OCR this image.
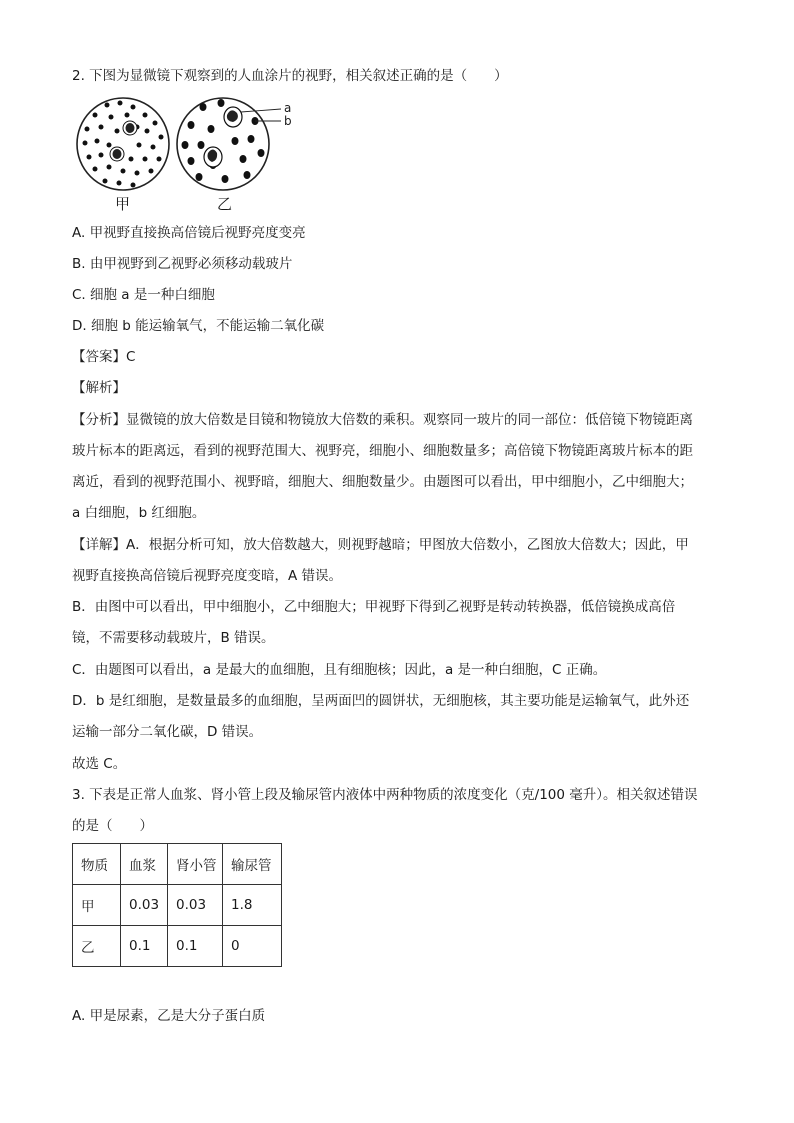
2. 下图为显微镜下观察到的人血涂片的视野，相关叙述正确的是（　　）
a
b
甲	乙
A. 甲视野直接换高倍镜后视野亮度变亮
B. 由甲视野到乙视野必须移动载玻片
C. 细胞 a 是一种白细胞
D. 细胞 b 能运输氧气，不能运输二氧化碳
【答案】C
【解析】
【分析】显微镜的放大倍数是目镜和物镜放大倍数的乘积。观察同一玻片的同一部位：低倍镜下物镜距离
玻片标本的距离远，看到的视野范围大、视野亮，细胞小、细胞数量多；高倍镜下物镜距离玻片标本的距
离近，看到的视野范围小、视野暗，细胞大、细胞数量少。由题图可以看出，甲中细胞小，乙中细胞大；
a 白细胞，b 红细胞。
【详解】A．根据分析可知，放大倍数越大，则视野越暗；甲图放大倍数小，乙图放大倍数大；因此，甲
视野直接换高倍镜后视野亮度变暗，A 错误。
B．由图中可以看出，甲中细胞小，乙中细胞大；甲视野下得到乙视野是转动转换器，低倍镜换成高倍
镜，不需要移动载玻片，B 错误。
C．由题图可以看出，a 是最大的血细胞，且有细胞核；因此，a 是一种白细胞，C 正确。
D．b 是红细胞，是数量最多的血细胞，呈两面凹的圆饼状，无细胞核，其主要功能是运输氧气，此外还
运输一部分二氧化碳，D 错误。
故选 C。
3. 下表是正常人血浆、肾小管上段及输尿管内液体中两种物质的浓度变化（克/100 毫升）。相关叙述错误
的是（　　）
物质	血浆	肾小管	输尿管
甲	0.03	0.03	1.8
乙	0.1	0.1	0
A. 甲是尿素，乙是大分子蛋白质
